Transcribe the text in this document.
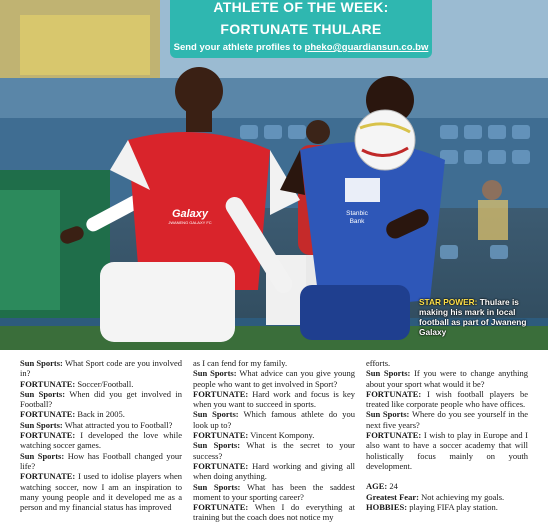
Galaxy
JWANENG GALAXY FC
Stanbic Bank
ATHLETE OF THE WEEK:
FORTUNATE THULARE
Send your athlete profiles to pheko@guardiansun.co.bw
STAR POWER: Thulare is making his mark in local football as part of Jwaneng Galaxy

Sun Sports: What Sport code are you involved in?

FORTUNATE: Soccer/Football.

Sun Sports: When did you get involved in Football?

FORTUNATE: Back in 2005.

Sun Sports: What attracted you to Football?

FORTUNATE: I developed the love while watching soccer games.

Sun Sports: How has Football changed your life?

FORTUNATE: I used to idolise players when watching soccer, now I am an inspiration to many young people and it developed me as a person and my financial status has improved

as I can fend for my family.

Sun Sports: What advice can you give young people who want to get involved in Sport?

FORTUNATE: Hard work and focus is key when you want to succeed in sports.

Sun Sports: Which famous athlete do you look up to?

FORTUNATE: Vincent Kompony.

Sun Sports: What is the secret to your success?

FORTUNATE: Hard working and giving all when doing anything.

Sun Sports: What has been the saddest moment to your sporting career?

FORTUNATE: When I do everything at training but the coach does not notice my

efforts.

Sun Sports: If you were to change anything about your sport what would it be?

FORTUNATE: I wish football players be treated like corporate people who have offices.

Sun Sports: Where do you see yourself in the next five years?

FORTUNATE: I wish to play in Europe and I also want to have a soccer academy that will holistically focus mainly on youth development.

AGE: 24

Greatest Fear: Not achieving my goals.

HOBBIES: playing FIFA play station.
